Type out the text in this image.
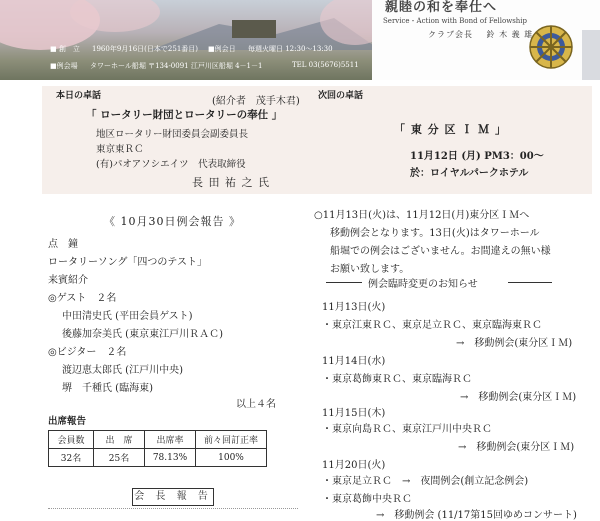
■ 創　立 1960年9月16日(日本で251番目) ■例会日 毎週火曜日 12:30～13:30
■例会場 タワーホール船堀 〒134-0091 江戸川区船堀 4－1－1	TEL 03(5676)5511
親睦の和を奉仕へ
Service・Action with Bond of Fellowship
クラブ会長 鈴 木 義 雄
本日の卓話	(紹介者　茂手木君)
「 ロータリー財団とロータリーの奉仕 」
地区ロータリー財団委員会副委員長
東京東ＲＣ
(有)パオアソシエイツ　代表取締役
長 田 祐 之 氏
次回の卓話
「 東 分 区 Ｉ Ｍ 」
11月12日 (月) PM3：00～
於：ロイヤルパークホテル
《 10月30日例会報告 》
点　鐘
ロータリーソング「四つのテスト」
来賓紹介
◎ゲスト　２名
中田清史氏 (平田会員ゲスト)
後藤加奈美氏 (東京東江戸川ＲＡＣ)
◎ビジター　２名
渡辺恵太郎氏 (江戸川中央)
堺　千種氏 (臨海東)
以上４名
出席報告
会員数	出　席	出席率	前々回訂正率
32名	25名	78.13%	100%
会 長 報 告
○11月13日(火)は、11月12日(月)東分区ＩＭへ
移動例会となります。13日(火)はタワーホール
船堀での例会はございません。お間違えの無い様
お願い致します。
例会臨時変更のお知らせ
11月13日(火)
・東京江東ＲＣ、東京足立ＲＣ、東京臨海東ＲＣ
→　移動例会(東分区ＩＭ)
11月14日(水)
・東京葛飾東ＲＣ、東京臨海ＲＣ
→　移動例会(東分区ＩＭ)
11月15日(木)
・東京向島ＲＣ、東京江戸川中央ＲＣ
→　移動例会(東分区ＩＭ)
11月20日(火)
・東京足立ＲＣ　→　夜間例会(創立記念例会)
・東京葛飾中央ＲＣ
→　移動例会 (11/17第15回ゆめコンサート)
